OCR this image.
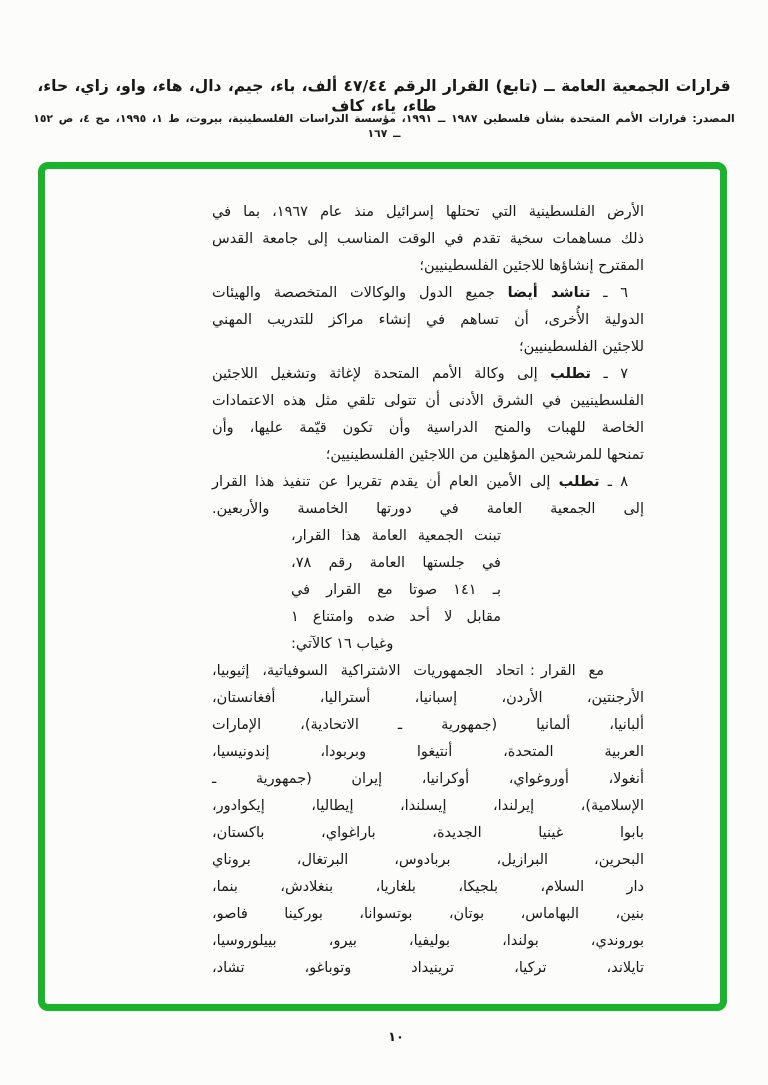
قرارات الجمعية العامة ــ (تابع) القرار الرقم ٤٧/٤٤ ألف، باء، جيم، دال، هاء، واو، زاي، حاء، طاء، ياء، كاف
المصدر: قرارات الأمم المتحدة بشأن فلسطين ١٩٨٧ ــ ١٩٩١، مؤسسة الدراسات الفلسطينية، بيروت، ط ١، ١٩٩٥، مج ٤، ص ١٥٢ ــ ١٦٧
الأرض الفلسطينية التي تحتلها إسرائيل منذ عام ١٩٦٧، بما في
ذلك مساهمات سخية تقدم في الوقت المناسب إلى جامعة القدس
المقترح إنشاؤها للاجئين الفلسطينيين؛
٦ ـ تناشد أيضا جميع الدول والوكالات المتخصصة والهيئات
الدولية الأُخرى، أن تساهم في إنشاء مراكز للتدريب المهني
للاجئين الفلسطينيين؛
٧ ـ تطلب إلى وكالة الأمم المتحدة لإغاثة وتشغيل اللاجئين
الفلسطينيين في الشرق الأدنى أن تتولى تلقي مثل هذه الاعتمادات
الخاصة للهبات والمنح الدراسية وأن تكون قيّمة عليها، وأن
تمنحها للمرشحين المؤهلين من اللاجئين الفلسطينيين؛
٨ ـ تطلب إلى الأمين العام أن يقدم تقريرا عن تنفيذ هذا القرار
إلى الجمعية العامة في دورتها الخامسة والأربعين.
تبنت الجمعية العامة هذا القرار،
في جلستها العامة رقم ٧٨،
بـ ١٤١ صوتا مع القرار في
مقابل لا أحد ضده وامتناع ١
وغياب ١٦ كالآتي:
مع القرار:اتحاد الجمهوريات الاشتراكية السوفياتية، إثيوبيا،
الأرجنتين، الأردن، إسبانيا، أستراليا، أفغانستان،
ألبانيا، ألمانيا (جمهورية ـ الاتحادية)، الإمارات
العربية المتحدة، أنتيغوا وبربودا، إندونيسيا،
أنغولا، أوروغواي، أوكرانيا، إيران (جمهورية ـ
الإسلامية)، إيرلندا، إيسلندا، إيطاليا، إيكوادور،
بابوا غينيا الجديدة، باراغواي، باكستان،
البحرين، البرازيل، بربادوس، البرتغال، بروناي
دار السلام، بلجيكا، بلغاريا، بنغلادش، بنما،
بنين، البهاماس، بوتان، بوتسوانا، بوركينا فاصو،
بوروندي، بولندا، بوليفيا، بيرو، بييلوروسيا،
تايلاند، تركيا، ترينيداد وتوباغو، تشاد،
١٠
